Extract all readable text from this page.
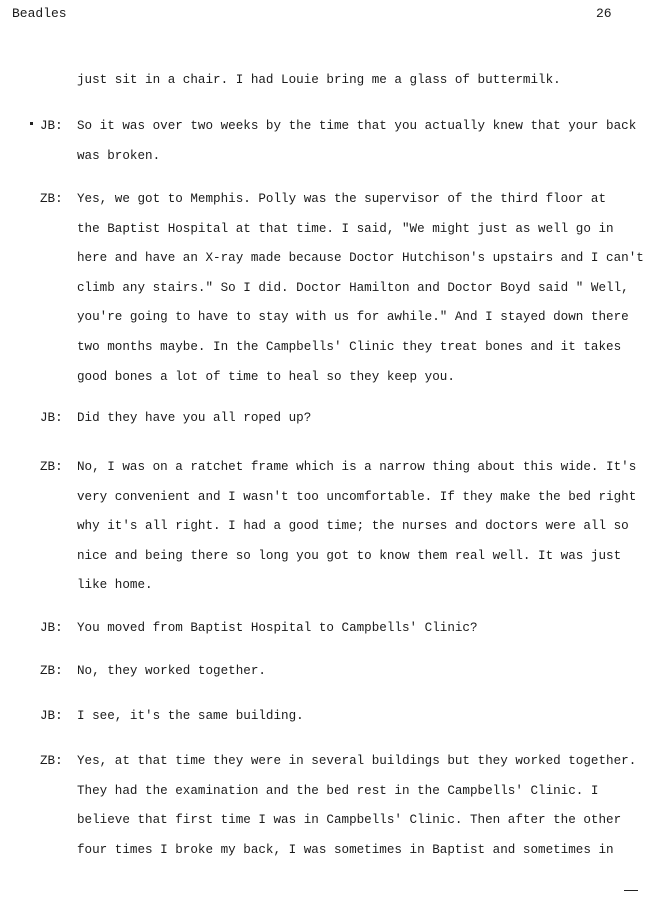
Beadles	26
just sit in a chair. I had Louie bring me a glass of buttermilk.
JB: So it was over two weeks by the time that you actually knew that your back
was broken.
ZB: Yes, we got to Memphis. Polly was the supervisor of the third floor at
the Baptist Hospital at that time. I said, "We might just as well go in
here and have an X-ray made because Doctor Hutchison's upstairs and I can't
climb any stairs." So I did. Doctor Hamilton and Doctor Boyd said " Well,
you're going to have to stay with us for awhile." And I stayed down there
two months maybe. In the Campbells' Clinic they treat bones and it takes
good bones a lot of time to heal so they keep you.
JB: Did they have you all roped up?
ZB: No, I was on a ratchet frame which is a narrow thing about this wide. It's
very convenient and I wasn't too uncomfortable. If they make the bed right
why it's all right. I had a good time; the nurses and doctors were all so
nice and being there so long you got to know them real well. It was just
like home.
JB: You moved from Baptist Hospital to Campbells' Clinic?
ZB: No, they worked together.
JB: I see, it's the same building.
ZB: Yes, at that time they were in several buildings but they worked together.
They had the examination and the bed rest in the Campbells' Clinic. I
believe that first time I was in Campbells' Clinic. Then after the other
four times I broke my back, I was sometimes in Baptist and sometimes in
